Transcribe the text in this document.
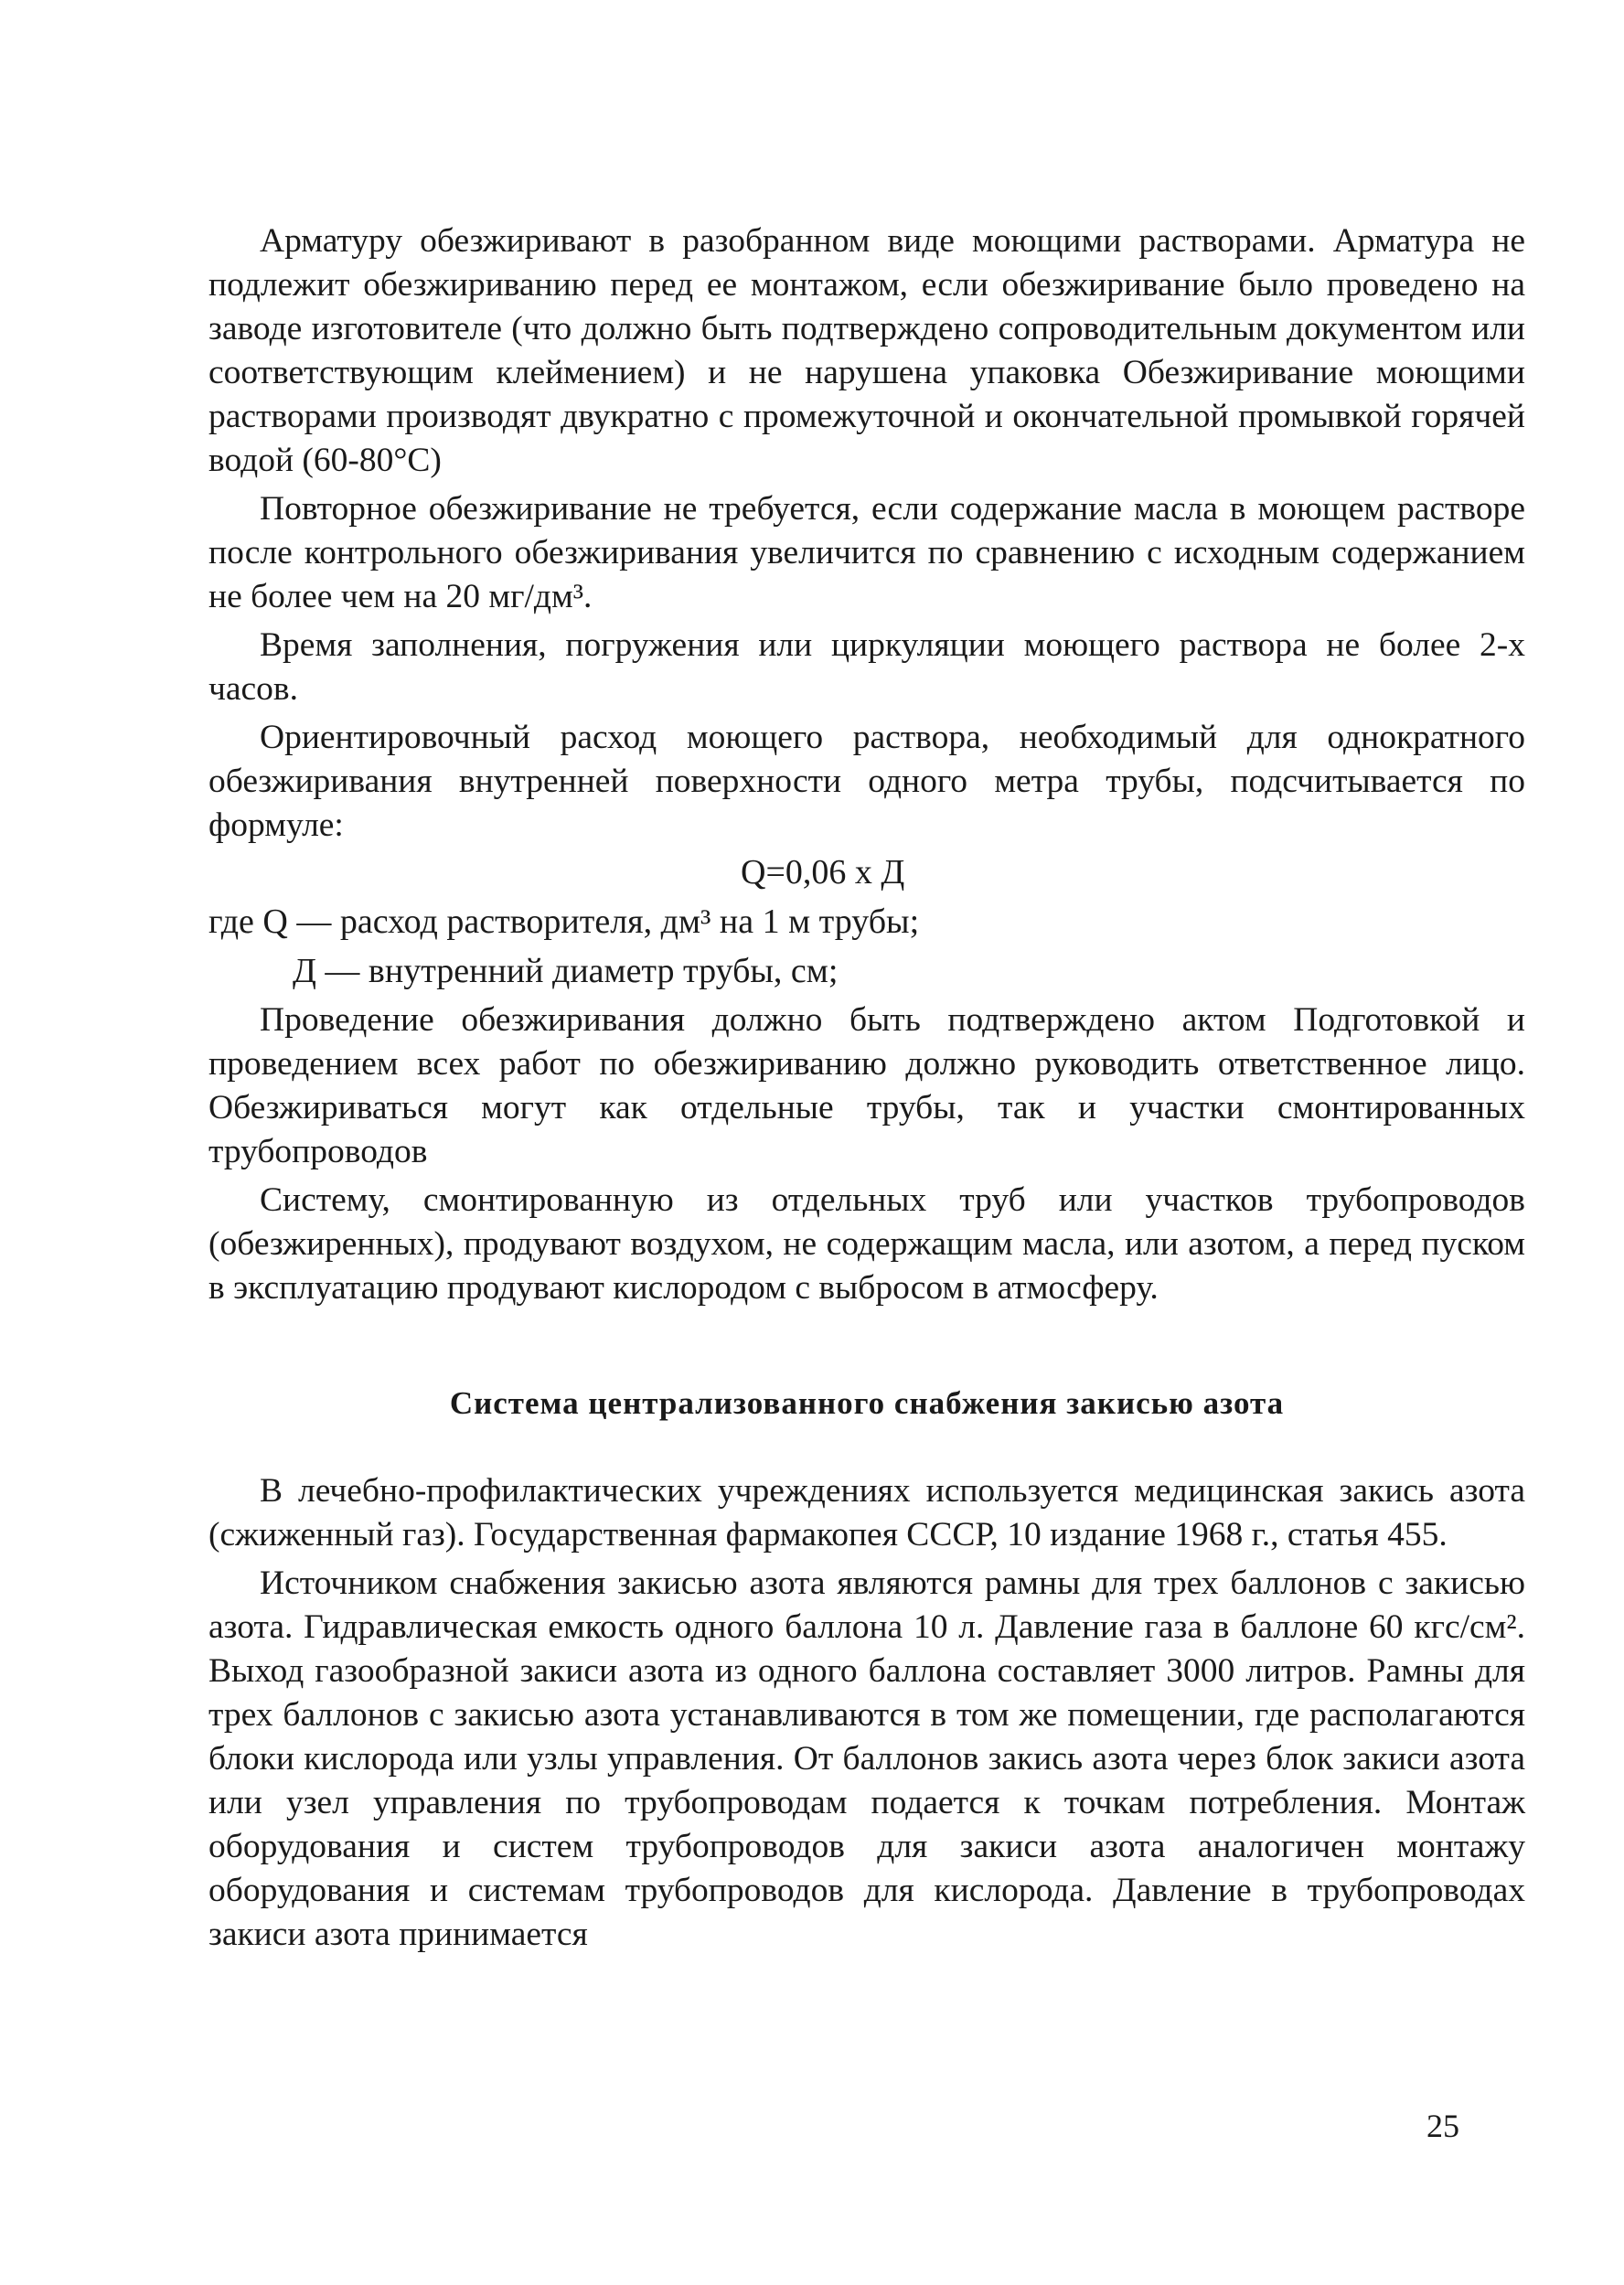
Арматуру обезжиривают в разобранном виде моющими растворами. Арматура не подлежит обезжириванию перед ее монтажом, если обезжиривание было проведено на заводе изготовителе (что должно быть подтверждено сопроводительным документом или соответствующим клеймением) и не нарушена упаковка Обезжиривание моющими растворами производят двукратно с промежуточной и окончательной промывкой горячей водой (60-80°С)

Повторное обезжиривание не требуется, если содержание масла в моющем растворе после контрольного обезжиривания увеличится по сравнению с исходным содержанием не более чем на 20 мг/дм³.

Время заполнения, погружения или циркуляции моющего раствора не более 2-х часов.

Ориентировочный расход моющего раствора, необходимый для однократного обезжиривания внутренней поверхности одного метра трубы, подсчитывается по формуле:

Q=0,06 х Д
где Q — расход растворителя, дм³ на 1 м трубы;
Д — внутренний диаметр трубы, см;

Проведение обезжиривания должно быть подтверждено актом Подготовкой и проведением всех работ по обезжириванию должно руководить ответственное лицо. Обезжириваться могут как отдельные трубы, так и участки смонтированных трубопроводов

Систему, смонтированную из отдельных труб или участков трубопроводов (обезжиренных), продувают воздухом, не содержащим масла, или азотом, а перед пуском в эксплуатацию продувают кислородом с выбросом в атмосферу.

Система централизованного снабжения закисью азота

В лечебно-профилактических учреждениях используется медицинская закись азота (сжиженный газ). Государственная фармакопея СССР, 10 издание 1968 г., статья 455.

Источником снабжения закисью азота являются рамны для трех баллонов с закисью азота. Гидравлическая емкость одного баллона 10 л. Давление газа в баллоне 60 кгс/см². Выход газообразной закиси азота из одного баллона составляет 3000 литров. Рамны для трех баллонов с закисью азота устанавливаются в том же помещении, где располагаются блоки кислорода или узлы управления. От баллонов закись азота через блок закиси азота или узел управления по трубопроводам подается к точкам потребления. Монтаж оборудования и систем трубопроводов для закиси азота аналогичен монтажу оборудования и системам трубопроводов для кислорода. Давление в трубопроводах закиси азота принимается

25
